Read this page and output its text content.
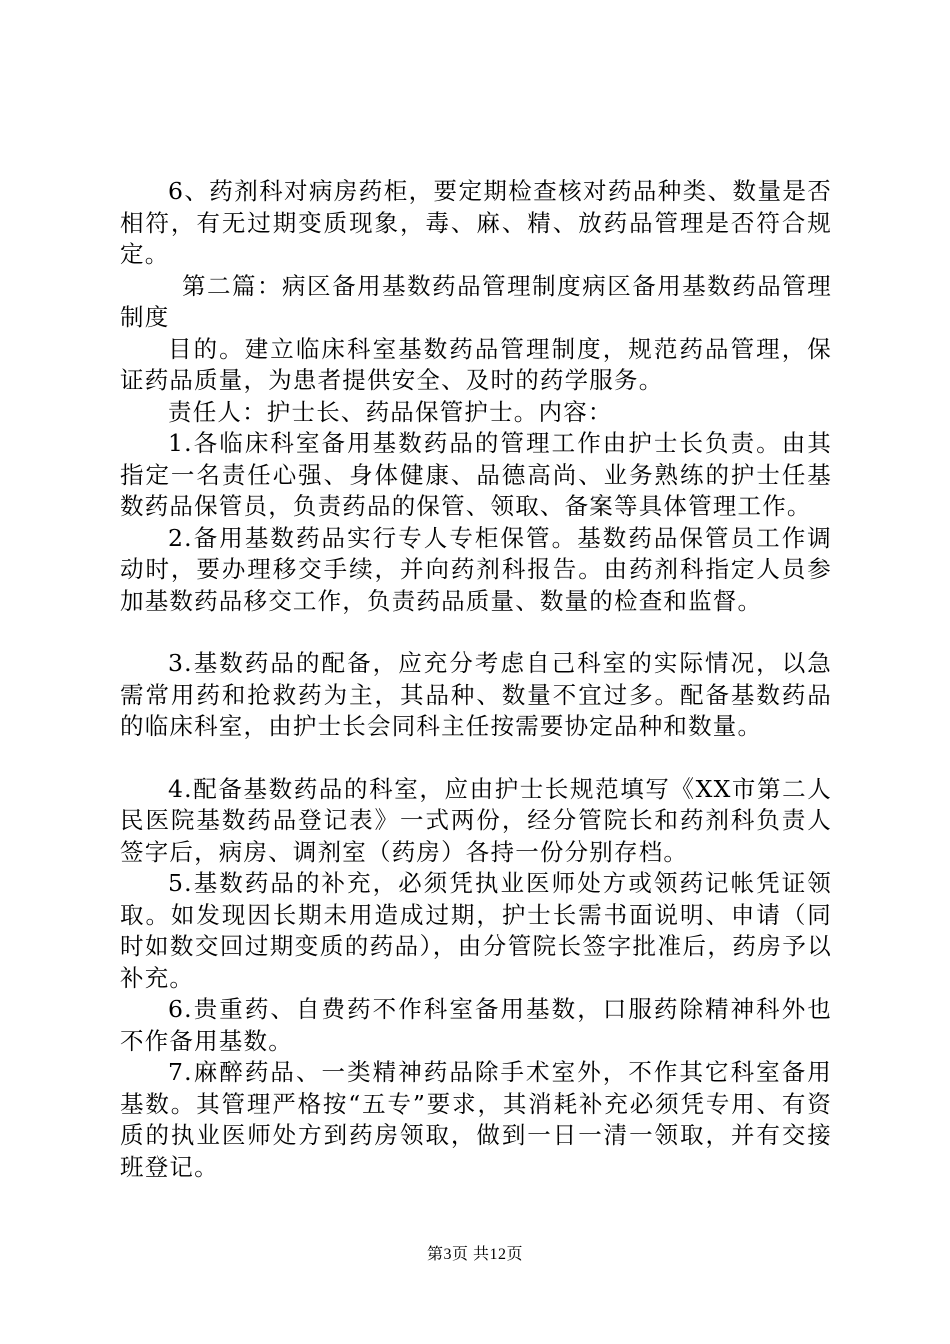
6、药剂科对病房药柜，要定期检查核对药品种类、数量是否相符，有无过期变质现象，毒、麻、精、放药品管理是否符合规定。

第二篇：病区备用基数药品管理制度病区备用基数药品管理制度

目的。建立临床科室基数药品管理制度，规范药品管理，保证药品质量，为患者提供安全、及时的药学服务。

责任人：护士长、药品保管护士。内容：

1.各临床科室备用基数药品的管理工作由护士长负责。由其指定一名责任心强、身体健康、品德高尚、业务熟练的护士任基数药品保管员，负责药品的保管、领取、备案等具体管理工作。

2.备用基数药品实行专人专柜保管。基数药品保管员工作调动时，要办理移交手续，并向药剂科报告。由药剂科指定人员参加基数药品移交工作，负责药品质量、数量的检查和监督。

3.基数药品的配备，应充分考虑自己科室的实际情况，以急需常用药和抢救药为主，其品种、数量不宜过多。配备基数药品的临床科室，由护士长会同科主任按需要协定品种和数量。

4.配备基数药品的科室，应由护士长规范填写《XX市第二人民医院基数药品登记表》一式两份，经分管院长和药剂科负责人签字后，病房、调剂室（药房）各持一份分别存档。

5.基数药品的补充，必须凭执业医师处方或领药记帐凭证领取。如发现因长期未用造成过期，护士长需书面说明、申请（同时如数交回过期变质的药品），由分管院长签字批准后，药房予以补充。

6.贵重药、自费药不作科室备用基数，口服药除精神科外也不作备用基数。

7.麻醉药品、一类精神药品除手术室外，不作其它科室备用基数。其管理严格按“五专”要求，其消耗补充必须凭专用、有资质的执业医师处方到药房领取，做到一日一清一领取，并有交接班登记。

第3页 共12页
